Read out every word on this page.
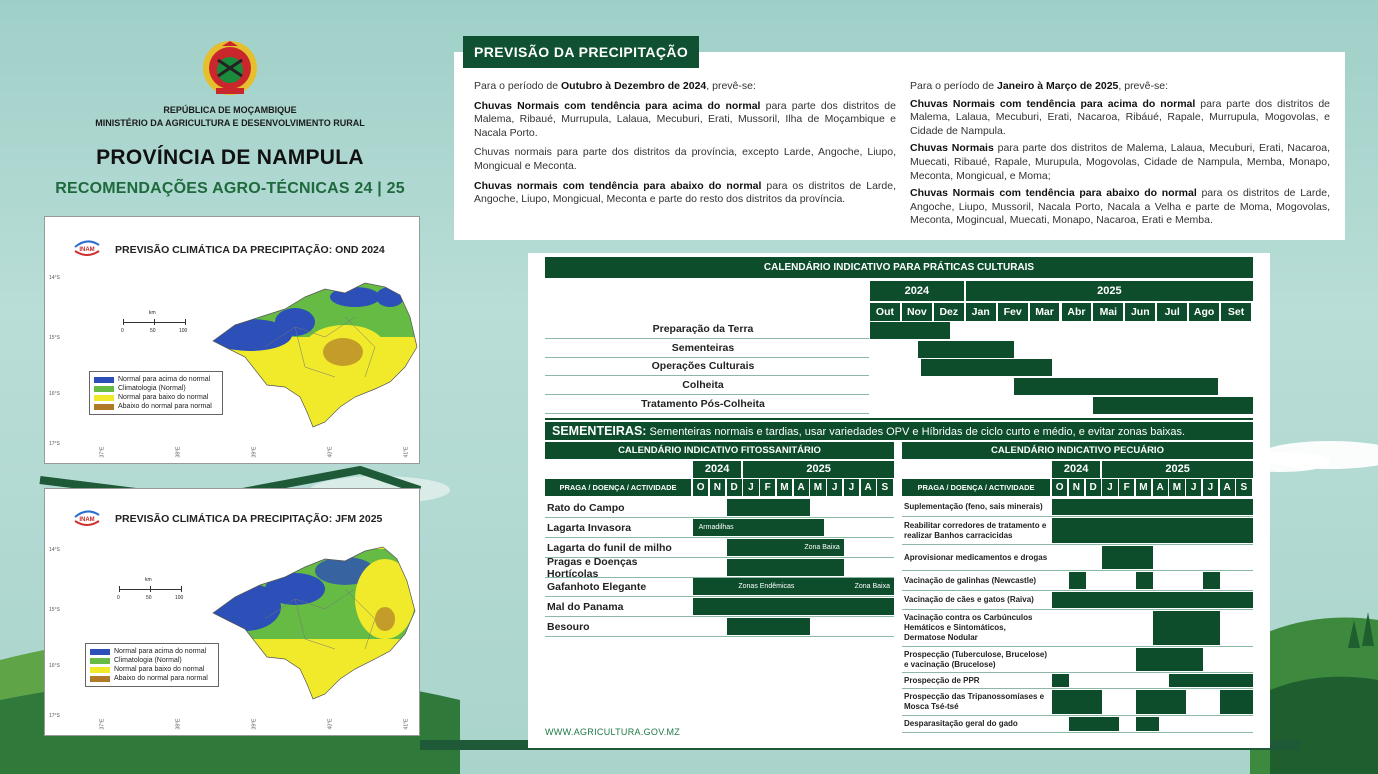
REPÚBLICA DE MOÇAMBIQUE
MINISTÉRIO DA AGRICULTURA E DESENVOLVIMENTO RURAL
PROVÍNCIA DE NAMPULA
RECOMENDAÇÕES AGRO-TÉCNICAS 24 | 25
INAM PREVISÃO CLIMÁTICA DA PRECIPITAÇÃO: OND 2024
14°S
15°S
16°S
17°S
37°E	38°E	39°E	40°E	41°E
km
0	50	100
Normal para acima do normal
Climatologia (Normal)
Normal para baixo do normal
Abaixo do normal para normal
INAM PREVISÃO CLIMÁTICA DA PRECIPITAÇÃO: JFM 2025
14°S
15°S
16°S
17°S
37°E	38°E	39°E	40°E	41°E
km
0	50	100
Normal para acima do normal
Climatologia (Normal)
Normal para baixo do normal
Abaixo do normal para normal
PREVISÃO DA PRECIPITAÇÃO

Para o período de Outubro à Dezembro de 2024, prevê-se:

Chuvas Normais com tendência para acima do normal para parte dos distritos de Malema, Ribaué, Murrupula, Lalaua, Mecuburi, Erati, Mussoril, Ilha de Moçambique e Nacala Porto.

Chuvas normais para parte dos distritos da província, excepto Larde, Angoche, Liupo, Mongicual e Meconta.

Chuvas normais com tendência para abaixo do normal para os distritos de Larde, Angoche, Liupo, Mongicual, Meconta e parte do resto dos distritos da província.

Para o período de Janeiro à Março de 2025, prevê-se:

Chuvas Normais com tendência para acima do normal para parte dos distritos de Malema, Lalaua, Mecuburi, Erati, Nacaroa, Ribáué, Rapale, Murrupula, Mogovolas, e Cidade de Nampula.

Chuvas Normais para parte dos distritos de Malema, Lalaua, Mecuburi, Erati, Nacaroa, Muecati, Ribaué, Rapale, Murupula, Mogovolas, Cidade de Nampula, Memba, Monapo, Meconta, Mongicual, e Moma;

Chuvas Normais com tendência para abaixo do normal para os distritos de Larde, Angoche, Liupo, Mussoril, Nacala Porto, Nacala a Velha e parte de Moma, Mogovolas, Meconta, Mogincual, Muecati, Monapo, Nacaroa, Erati e Memba.

CALENDÁRIO INDICATIVO PARA PRÁTICAS CULTURAIS
2024	2025
Out	Nov	Dez	Jan	Fev	Mar	Abr	Mai	Jun	Jul	Ago	Set
Preparação da Terra
Sementeiras
Operações Culturais
Colheita
Tratamento Pós-Colheita
SEMENTEIRAS: Sementeiras normais e tardias, usar variedades OPV e Híbridas de ciclo curto e médio, e evitar zonas baixas.
CALENDÁRIO INDICATIVO FITOSSANITÁRIO
2024	2025
PRAGA / DOENÇA / ACTIVIDADE	O N D	J	F M A M J	J	A S
Rato do Campo
Lagarta Invasora	Armadilhas
Lagarta do funil de milho	Zona Baixa
Pragas e Doenças Hortícolas
Gafanhoto Elegante	Zonas Endêmicas	Zona Baixa
Mal do Panama
Besouro
CALENDÁRIO INDICATIVO PECUÁRIO
2024	2025
PRAGA / DOENÇA / ACTIVIDADE	O N D	J	F M A M J	J	A S
Suplementação (feno, sais minerais)
Reabilitar corredores de tratamento e realizar Banhos carracicidas
Aprovisionar medicamentos e drogas
Vacinação de galinhas (Newcastle)
Vacinação de cães e gatos (Raiva)
Vacinação contra os Carbúnculos Hemáticos e Sintomáticos, Dermatose Nodular
Prospecção (Tuberculose, Brucelose) e vacinação (Brucelose)
Prospecção de PPR
Prospecção das Tripanossomíases e Mosca Tsé-tsé
Desparasitação geral do gado
WWW.AGRICULTURA.GOV.MZ
